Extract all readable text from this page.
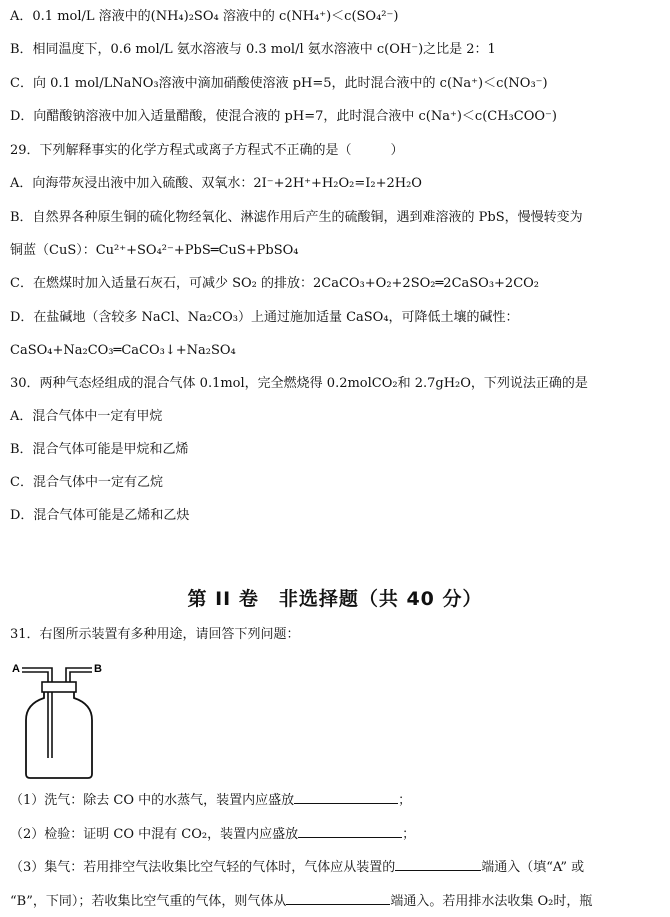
A．0.1 mol/L 溶液中的(NH₄)₂SO₄ 溶液中的 c(NH₄⁺)＜c(SO₄²⁻)
B．相同温度下，0.6 mol/L 氨水溶液与 0.3 mol/l 氨水溶液中 c(OH⁻)之比是 2：1
C．向 0.1 mol/LNaNO₃溶液中滴加硝酸使溶液 pH=5，此时混合液中的 c(Na⁺)＜c(NO₃⁻)
D．向醋酸钠溶液中加入适量醋酸，使混合液的 pH=7，此时混合液中 c(Na⁺)＜c(CH₃COO⁻)
29．下列解释事实的化学方程式或离子方程式不正确的是（　　　）
A．向海带灰浸出液中加入硫酸、双氧水：2I⁻+2H⁺+H₂O₂=I₂+2H₂O
B．自然界各种原生铜的硫化物经氧化、淋滤作用后产生的硫酸铜，遇到难溶液的 PbS，慢慢转变为
铜蓝（CuS）：Cu²⁺+SO₄²⁻+PbS═CuS+PbSO₄
C．在燃煤时加入适量石灰石，可减少 SO₂ 的排放：2CaCO₃+O₂+2SO₂═2CaSO₃+2CO₂
D．在盐碱地（含较多 NaCl、Na₂CO₃）上通过施加适量 CaSO₄，可降低土壤的碱性：
CaSO₄+Na₂CO₃═CaCO₃↓+Na₂SO₄
30．两种气态烃组成的混合气体 0.1mol，完全燃烧得 0.2molCO₂和 2.7gH₂O，下列说法正确的是
A．混合气体中一定有甲烷
B．混合气体可能是甲烷和乙烯
C．混合气体中一定有乙烷
D．混合气体可能是乙烯和乙炔
第 II 卷　非选择题（共 40 分）
31．右图所示装置有多种用途，请回答下列问题：
A	B
（1）洗气：除去 CO 中的水蒸气，装置内应盛放	；
（2）检验：证明 CO 中混有 CO₂，装置内应盛放	；
（3）集气：若用排空气法收集比空气轻的气体时，气体应从装置的	端通入（填“A” 或
“B”，下同）；若收集比空气重的气体，则气体从	端通入。若用排水法收集 O₂时，瓶
